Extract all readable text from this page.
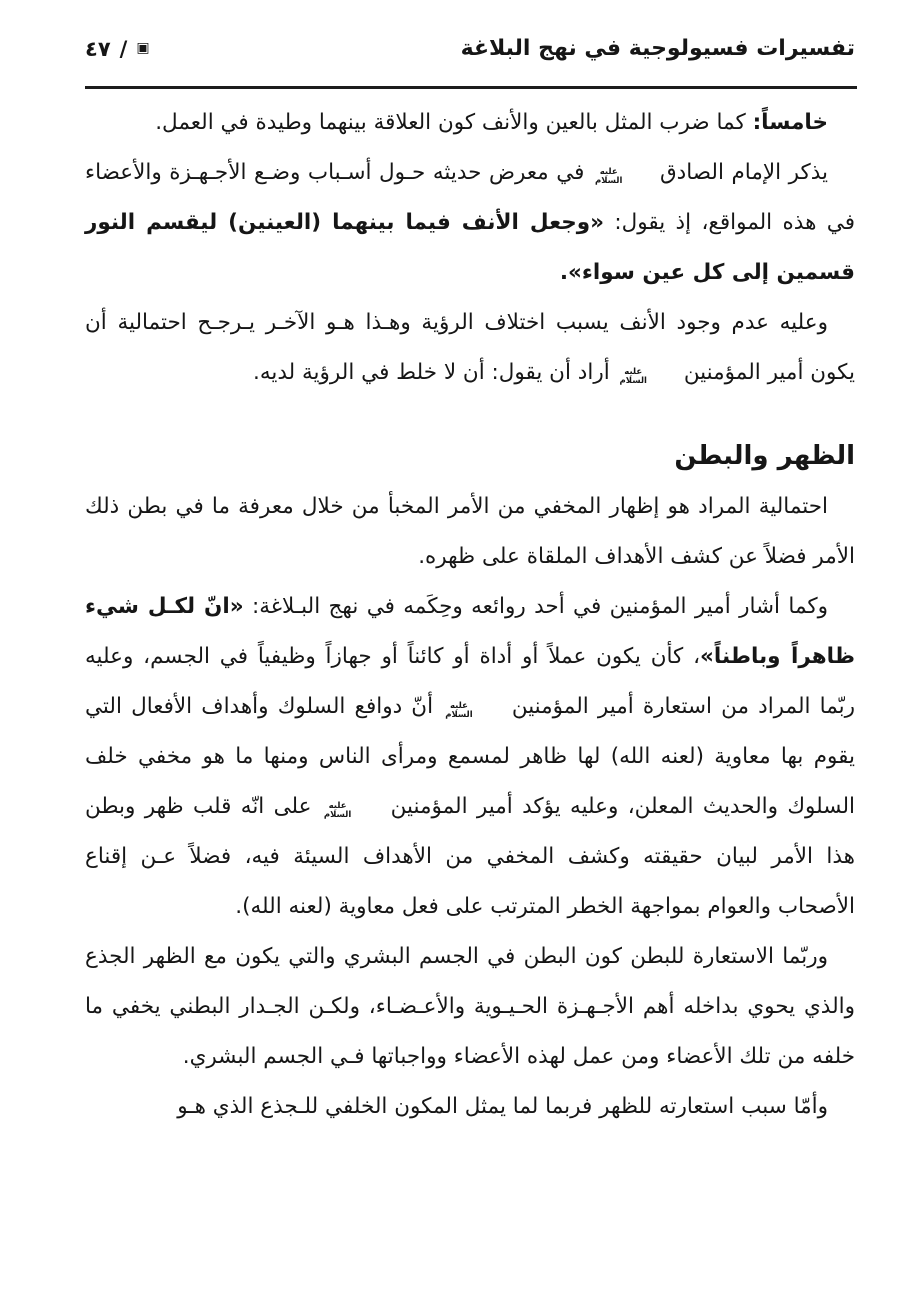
تفسيرات فسيولوجية في نهج البلاغة
٤٧ / ▣

خامساً: كما ضرب المثل بالعين والأنف كون العلاقة بينهما وطيدة في العمل.

يذكر الإمام الصادق
عليه
السلام
في معرض حديثه حـول أسـباب وضـع الأجـهـزة والأعضاء في هذه المواقع، إذ يقول: «وجعل الأنف فيما بينهما (العينين) ليقسم النور قسمين إلى كل عين سواء».

وعليه عدم وجود الأنف يسبب اختلاف الرؤية وهـذا هـو الآخـر يـرجـح احتمالية أن يكون أمير المؤمنين
عليه
السلام
أراد أن يقول: أن لا خلط في الرؤية لديه.

الظهر والبطن

احتمالية المراد هو إظهار المخفي من الأمر المخبأ من خلال معرفة ما في بطن ذلك الأمر فضلاً عن كشف الأهداف الملقاة على ظهره.

وكما أشار أمير المؤمنين في أحد روائعه وحِكَمه في نهج البـلاغة: «انّ لكـل شيء ظاهراً وباطناً»، كأن يكون عملاً أو أداة أو كائناً أو جهازاً وظيفياً في الجسم، وعليه ربّما المراد من استعارة أمير المؤمنين
عليه
السلام
أنّ دوافع السلوك وأهداف الأفعال التي يقوم بها معاوية (لعنه الله) لها ظاهر لمسمع ومرأى الناس ومنها ما هو مخفي خلف السلوك والحديث المعلن، وعليه يؤكد أمير المؤمنين
عليه
السلام
على انّه قلب ظهر وبطن هذا الأمر لبيان حقيقته وكشف المخفي من الأهداف السيئة فيه، فضلاً عـن إقناع الأصحاب والعوام بمواجهة الخطر المترتب على فعل معاوية (لعنه الله).

وربّما الاستعارة للبطن كون البطن في الجسم البشري والتي يكون مع الظهر الجذع والذي يحوي بداخله أهم الأجـهـزة الحـيـوية والأعـضـاء، ولكـن الجـدار البطني يخفي ما خلفه من تلك الأعضاء ومن عمل لهذه الأعضاء وواجباتها فـي الجسم البشري.

وأمّا سبب استعارته للظهر فربما لما يمثل المكون الخلفي للـجذع الذي هـو
